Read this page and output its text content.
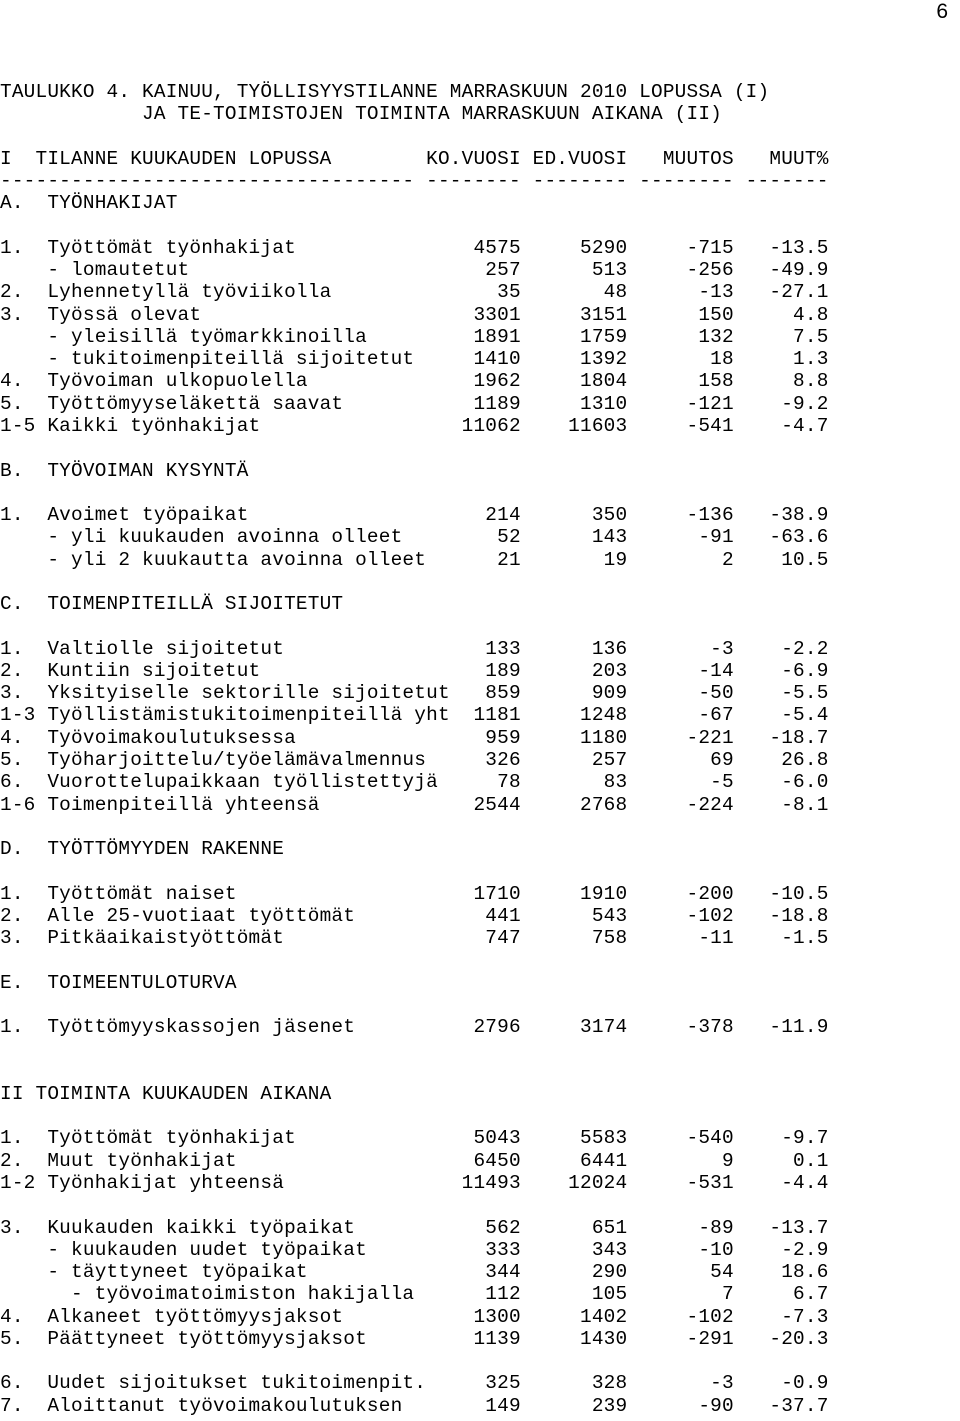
6
TAULUKKO 4. KAINUU, TYÖLLISYYSTILANNE MARRASKUUN 2010 LOPUSSA (I)
JA TE-TOIMISTOJEN TOIMINTA MARRASKUUN AIKANA (II)
I  TILANNE KUUKAUDEN LOPUSSA        KO.VUOSI ED.VUOSI   MUUTOS   MUUT%
----------------------------------- -------- -------- -------- -------
A.  TYÖNHAKIJAT
1.  Työttömät työnhakijat               4575     5290     -715   -13.5
- lomautetut                         257      513     -256   -49.9
2.  Lyhennetyllä työviikolla              35       48      -13   -27.1
3.  Työssä olevat                       3301     3151      150     4.8
- yleisillä työmarkkinoilla         1891     1759      132     7.5
- tukitoimenpiteillä sijoitetut     1410     1392       18     1.3
4.  Työvoiman ulkopuolella              1962     1804      158     8.8
5.  Työttömyyseläkettä saavat           1189     1310     -121    -9.2
1-5 Kaikki työnhakijat                 11062    11603     -541    -4.7
B.  TYÖVOIMAN KYSYNTÄ
1.  Avoimet työpaikat                    214      350     -136   -38.9
- yli kuukauden avoinna olleet        52      143      -91   -63.6
- yli 2 kuukautta avoinna olleet      21       19        2    10.5
C.  TOIMENPITEILLÄ SIJOITETUT
1.  Valtiolle sijoitetut                 133      136       -3    -2.2
2.  Kuntiin sijoitetut                   189      203      -14    -6.9
3.  Yksityiselle sektorille sijoitetut   859      909      -50    -5.5
1-3 Työllistämistukitoimenpiteillä yht  1181     1248      -67    -5.4
4.  Työvoimakoulutuksessa                959     1180     -221   -18.7
5.  Työharjoittelu/työelämävalmennus     326      257       69    26.8
6.  Vuorottelupaikkaan työllistettyjä     78       83       -5    -6.0
1-6 Toimenpiteillä yhteensä             2544     2768     -224    -8.1
D.  TYÖTTÖMYYDEN RAKENNE
1.  Työttömät naiset                    1710     1910     -200   -10.5
2.  Alle 25-vuotiaat työttömät           441      543     -102   -18.8
3.  Pitkäaikaistyöttömät                 747      758      -11    -1.5
E.  TOIMEENTULOTURVA
1.  Työttömyyskassojen jäsenet          2796     3174     -378   -11.9
II TOIMINTA KUUKAUDEN AIKANA
1.  Työttömät työnhakijat               5043     5583     -540    -9.7
2.  Muut työnhakijat                    6450     6441        9     0.1
1-2 Työnhakijat yhteensä               11493    12024     -531    -4.4
3.  Kuukauden kaikki työpaikat           562      651      -89   -13.7
- kuukauden uudet työpaikat          333      343      -10    -2.9
- täyttyneet työpaikat               344      290       54    18.6
- työvoimatoimiston hakijalla      112      105        7     6.7
4.  Alkaneet työttömyysjaksot           1300     1402     -102    -7.3
5.  Päättyneet työttömyysjaksot         1139     1430     -291   -20.3
6.  Uudet sijoitukset tukitoimenpit.     325      328       -3    -0.9
7.  Aloittanut työvoimakoulutuksen       149      239      -90   -37.7
